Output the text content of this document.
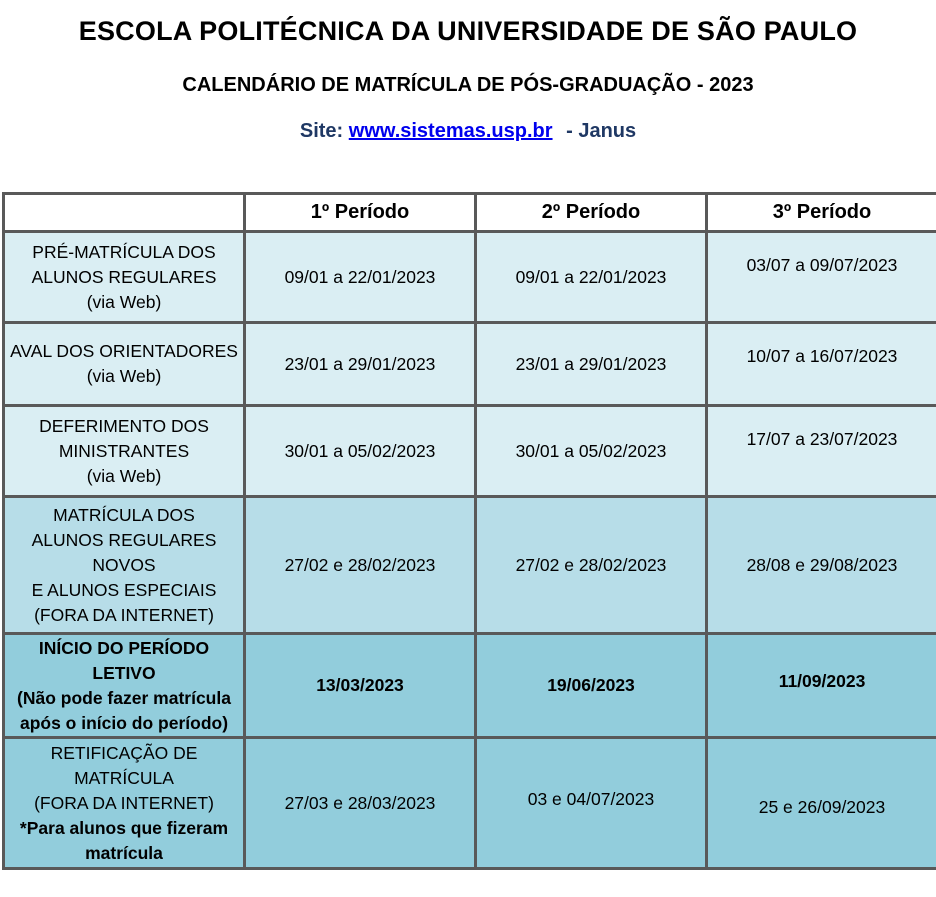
ESCOLA POLITÉCNICA DA UNIVERSIDADE DE SÃO PAULO
CALENDÁRIO DE MATRÍCULA DE PÓS-GRADUAÇÃO - 2023
Site: www.sistemas.usp.br - Janus
	1º Período	2º Período	3º Período

PRÉ-MATRÍCULA DOS
ALUNOS REGULARES
(via Web)	09/01 a 22/01/2023	09/01 a 22/01/2023	03/07 a 09/07/2023

AVAL DOS ORIENTADORES
(via Web)	23/01 a 29/01/2023	23/01 a 29/01/2023	10/07 a 16/07/2023

DEFERIMENTO DOS
MINISTRANTES
(via Web)	30/01 a 05/02/2023	30/01 a 05/02/2023	17/07 a 23/07/2023

MATRÍCULA DOS
ALUNOS REGULARES
NOVOS
E ALUNOS ESPECIAIS
(FORA DA INTERNET)	27/02 e 28/02/2023	27/02 e 28/02/2023	28/08 e 29/08/2023

INÍCIO DO PERÍODO
LETIVO
(Não pode fazer matrícula
após o início do período)	13/03/2023	19/06/2023	11/09/2023

RETIFICAÇÃO DE
MATRÍCULA
(FORA DA INTERNET)
*Para alunos que fizeram
matrícula	27/03 e 28/03/2023	03 e 04/07/2023	25 e 26/09/2023
